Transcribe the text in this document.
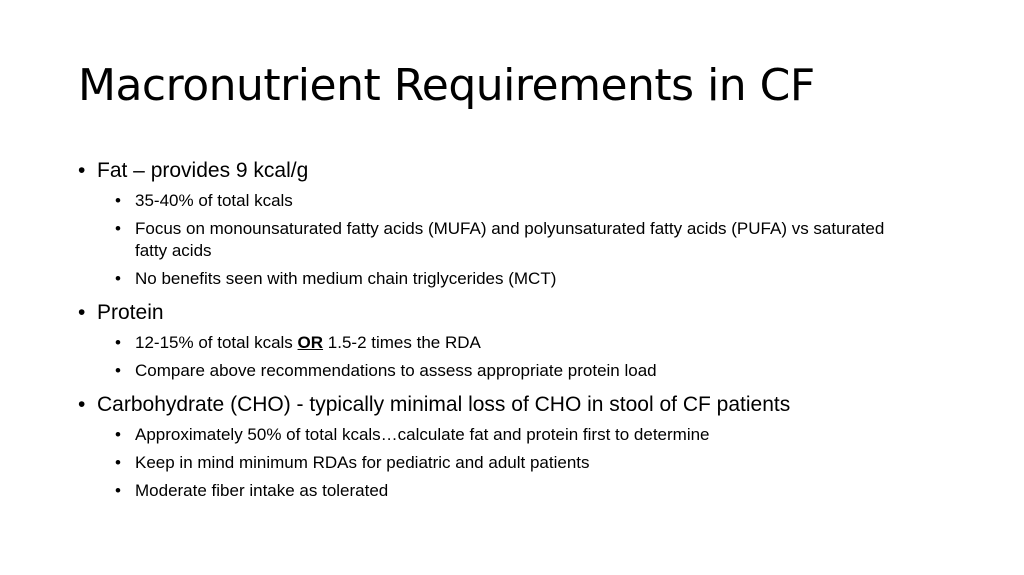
Macronutrient Requirements in CF
• Fat – provides 9 kcal/g
• 35-40% of total kcals
• Focus on monounsaturated fatty acids (MUFA) and polyunsaturated fatty acids (PUFA) vs saturated fatty acids
• No benefits seen with medium chain triglycerides (MCT)
• Protein
• 12-15% of total kcals OR 1.5-2 times the RDA
• Compare above recommendations to assess appropriate protein load
• Carbohydrate (CHO) - typically minimal loss of CHO in stool of CF patients
• Approximately 50% of total kcals…calculate fat and protein first to determine
• Keep in mind minimum RDAs for pediatric and adult patients
• Moderate fiber intake as tolerated
